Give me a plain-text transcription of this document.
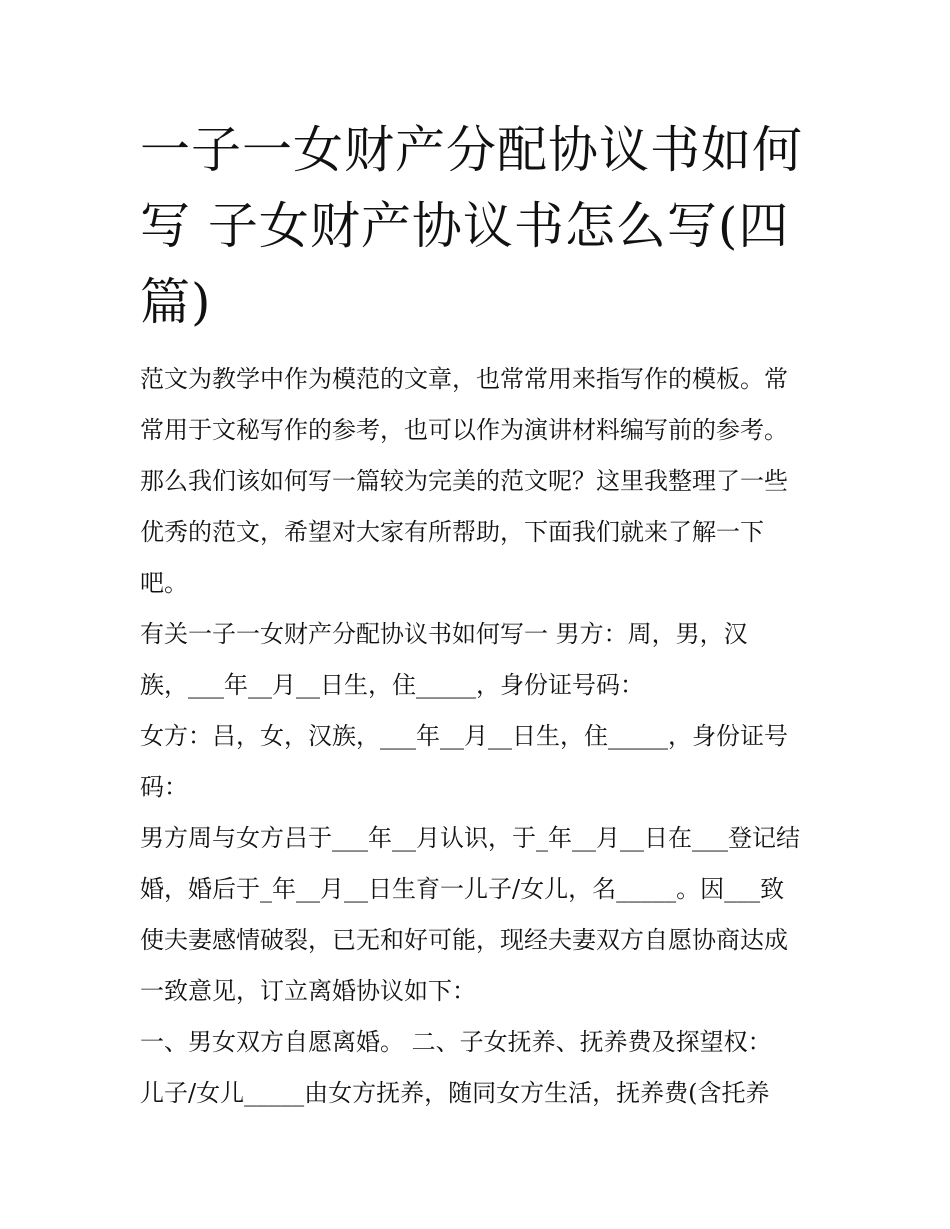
一子一女财产分配协议书如何
写 子女财产协议书怎么写(四
篇)
范文为教学中作为模范的文章，也常常用来指写作的模板。常
常用于文秘写作的参考，也可以作为演讲材料编写前的参考。
那么我们该如何写一篇较为完美的范文呢？这里我整理了一些
优秀的范文，希望对大家有所帮助，下面我们就来了解一下
吧。
有关一子一女财产分配协议书如何写一 男方：周，男，汉
族，___年__月__日生，住_____，身份证号码：
女方：吕，女，汉族，___年__月__日生，住_____，身份证号
码：
男方周与女方吕于___年__月认识，于_年__月__日在___登记结
婚，婚后于_年__月__日生育一儿子/女儿，名_____。因___致
使夫妻感情破裂，已无和好可能，现经夫妻双方自愿协商达成
一致意见，订立离婚协议如下：
一、男女双方自愿离婚。 二、子女抚养、抚养费及探望权：
儿子/女儿_____由女方抚养，随同女方生活，抚养费(含托养
